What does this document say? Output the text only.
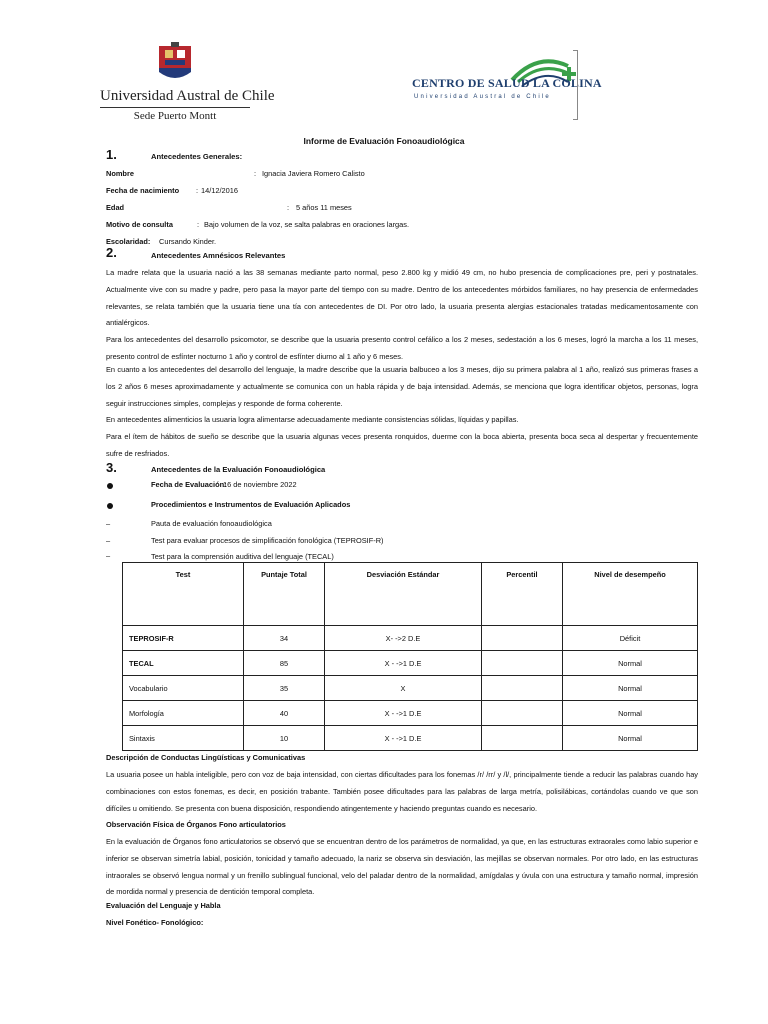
Universidad Austral de Chile
Sede Puerto Montt
CENTRO DE SALUD LA COLINA
Universidad Austral de Chile
Informe de Evaluación Fonoaudiológica
1.	Antecedentes Generales:
Nombre	: Ignacia Javiera Romero Calisto
Fecha de nacimiento : 14/12/2016
Edad	: 5 años 11 meses
Motivo de consulta	: Bajo volumen de la voz, se salta palabras en oraciones largas.
Escolaridad: Cursando Kinder.
2.	Antecedentes Amnésicos Relevantes
La madre relata que la usuaria nació a las 38 semanas mediante parto normal, peso 2.800 kg y midió 49 cm, no hubo presencia de complicaciones pre, peri y postnatales. Actualmente vive con su madre y padre, pero pasa la mayor parte del tiempo con su madre. Dentro de los antecedentes mórbidos familiares, no hay presencia de enfermedades relevantes, se relata también que la usuaria tiene una tía con antecedentes de DI. Por otro lado, la usuaria presenta alergias estacionales tratadas medicamentosamente con antialérgicos.
Para los antecedentes del desarrollo psicomotor, se describe que la usuaria presento control cefálico a los 2 meses, sedestación a los 6 meses, logró la marcha a los 11 meses, presento control de esfínter nocturno 1 año y control de esfínter diurno al 1 año y 6 meses.
En cuanto a los antecedentes del desarrollo del lenguaje, la madre describe que la usuaria balbuceo a los 3 meses, dijo su primera palabra al 1 año, realizó sus primeras frases a los 2 años 6 meses aproximadamente y actualmente se comunica con un habla rápida y de baja intensidad. Además, se menciona que logra identificar objetos, personas, logra seguir instrucciones simples, complejas y responde de forma coherente.
En antecedentes alimenticios la usuaria logra alimentarse adecuadamente mediante consistencias sólidas, líquidas y papillas.
Para el ítem de hábitos de sueño se describe que la usuaria algunas veces presenta ronquidos, duerme con la boca abierta, presenta boca seca al despertar y frecuentemente sufre de resfriados.
3.	Antecedentes de la Evaluación Fonoaudiológica
Fecha de Evaluación:
16 de noviembre 2022
Procedimientos e Instrumentos de Evaluación Aplicados
–	Pauta de evaluación fonoaudiológica
–	Test para evaluar procesos de simplificación fonológica (TEPROSIF-R)
–	Test para la comprensión auditiva del lenguaje (TECAL)
Test	Puntaje Total	Desviación Estándar	Percentil	Nivel de desempeño
TEPROSIF-R	34	X- ->2 D.E		Déficit
TECAL	85	X - ->1 D.E		Normal
Vocabulario	35	X		Normal
Morfología	40	X - ->1 D.E		Normal
Sintaxis	10	X - ->1 D.E		Normal
Descripción de Conductas Lingüísticas y Comunicativas
La usuaria posee un habla inteligible, pero con voz de baja intensidad, con ciertas dificultades para los fonemas /r/ /rr/ y /l/, principalmente tiende a reducir las palabras cuando hay combinaciones con estos fonemas, es decir, en posición trabante. También posee dificultades para las palabras de larga metría, polisilábicas, cortándolas cuando ve que son difíciles u omitiendo. Se presenta con buena disposición, respondiendo atingentemente y haciendo preguntas cuando es necesario.
Observación Física de Órganos Fono articulatorios
En la evaluación de Órganos fono articulatorios se observó que se encuentran dentro de los parámetros de normalidad, ya que, en las estructuras extraorales como labio superior e inferior se observan simetría labial, posición, tonicidad y tamaño adecuado, la nariz se observa sin desviación, las mejillas se observan normales. Por otro lado, en las estructuras intraorales se observó lengua normal y un frenillo sublingual funcional, velo del paladar dentro de la normalidad, amígdalas y úvula con una estructura y tamaño normal, impresión de mordida normal y presencia de dentición temporal completa.
Evaluación del Lenguaje y Habla
Nivel Fonético- Fonológico:
